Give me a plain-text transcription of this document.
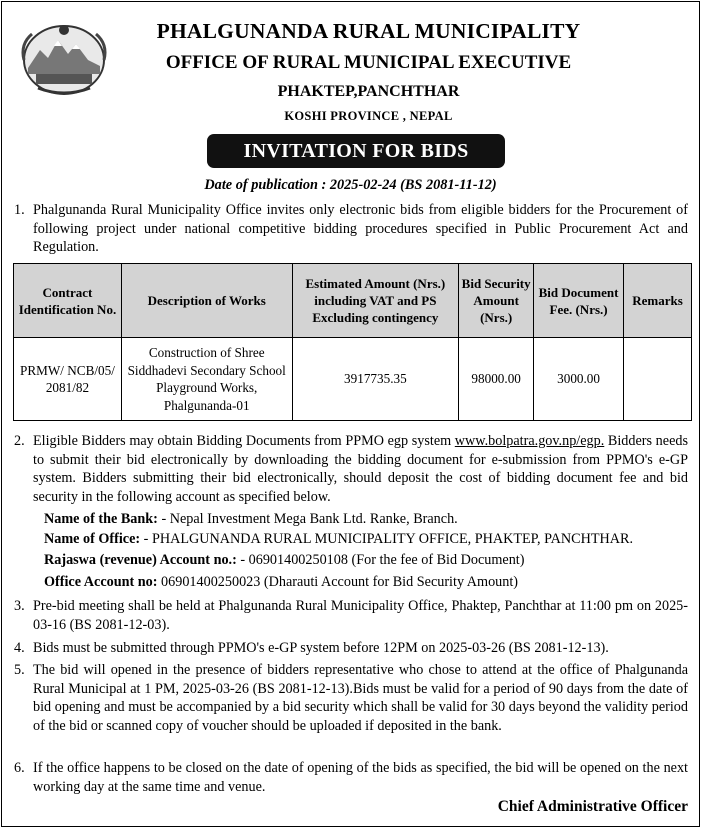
PHALGUNANDA RURAL MUNICIPALITY
OFFICE OF RURAL MUNICIPAL EXECUTIVE
PHAKTEP,PANCHTHAR
KOSHI PROVINCE , NEPAL
INVITATION FOR BIDS
Date of publication : 2025-02-24 (BS 2081-11-12)
1. Phalgunanda Rural Municipality Office invites only electronic bids from eligible bidders for the Procurement of following project under national competitive bidding procedures specified in Public Procurement Act and Regulation.
Contract Identification No.	Description of Works	Estimated Amount (Nrs.) including VAT and PS Excluding contingency	Bid Security Amount (Nrs.)	Bid Document Fee. (Nrs.)	Remarks
PRMW/ NCB/05/ 2081/82	Construction of Shree Siddhadevi Secondary School Playground Works, Phalgunanda-01	3917735.35	98000.00	3000.00	
2. Eligible Bidders may obtain Bidding Documents from PPMO egp system www.bolpatra.gov.np/egp. Bidders needs to submit their bid electronically by downloading the bidding document for e-submission from PPMO's e-GP system. Bidders submitting their bid electronically, should deposit the cost of bidding document fee and bid security in the following account as specified below.
Name of the Bank: - Nepal Investment Mega Bank Ltd. Ranke, Branch.
Name of Office: - PHALGUNANDA RURAL MUNICIPALITY OFFICE, PHAKTEP, PANCHTHAR.
Rajaswa (revenue) Account no.: - 06901400250108 (For the fee of Bid Document)
Office Account no: 06901400250023 (Dharauti Account for Bid Security Amount)
3. Pre-bid meeting shall be held at Phalgunanda Rural Municipality Office, Phaktep, Panchthar at 11:00 pm on 2025-03-16 (BS 2081-12-03).
4. Bids must be submitted through PPMO's e-GP system before 12PM on 2025-03-26 (BS 2081-12-13).
5. The bid will opened in the presence of bidders representative who chose to attend at the office of Phalgunanda Rural Municipal at 1 PM, 2025-03-26 (BS 2081-12-13).Bids must be valid for a period of 90 days from the date of bid opening and must be accompanied by a bid security which shall be valid for 30 days beyond the validity period of the bid or scanned copy of voucher should be uploaded if deposited in the bank.
6. If the office happens to be closed on the date of opening of the bids as specified, the bid will be opened on the next working day at the same time and venue.
Chief Administrative Officer
